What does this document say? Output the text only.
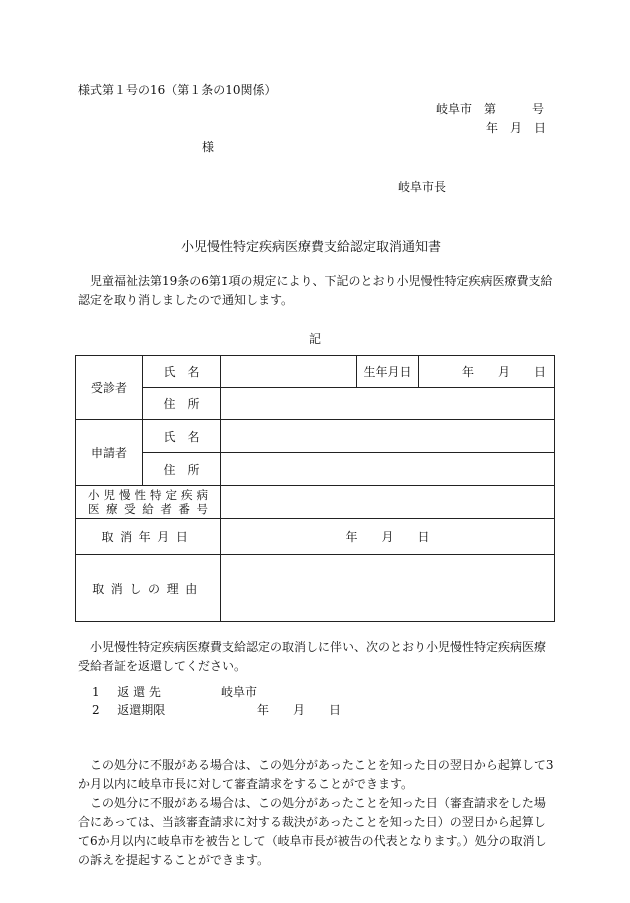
様式第１号の16（第１条の10関係）
岐阜市　第　　　号
年　月　日
様
岐阜市長
小児慢性特定疾病医療費支給認定取消通知書
児童福祉法第19条の6第1項の規定により、下記のとおり小児慢性特定疾病医療費支給認定を取り消しましたので通知します。
記
受診者	氏　名		生年月日	年　　月　　日
	住　所			
申請者	氏　名			
	住　所			

小児慢性特定疾病
医療受給者番号				

取消年月日		年　　月　　日		
取消しの理由				
小児慢性特定疾病医療費支給認定の取消しに伴い、次のとおり小児慢性特定疾病医療受給者証を返還してください。
1 返 還 先	岐阜市
2 返還期限	年　　月　　日
この処分に不服がある場合は、この処分があったことを知った日の翌日から起算して3か月以内に岐阜市長に対して審査請求をすることができます。
この処分に不服がある場合は、この処分があったことを知った日（審査請求をした場合にあっては、当該審査請求に対する裁決があったことを知った日）の翌日から起算して6か月以内に岐阜市を被告として（岐阜市長が被告の代表となります。）処分の取消しの訴えを提起することができます。
